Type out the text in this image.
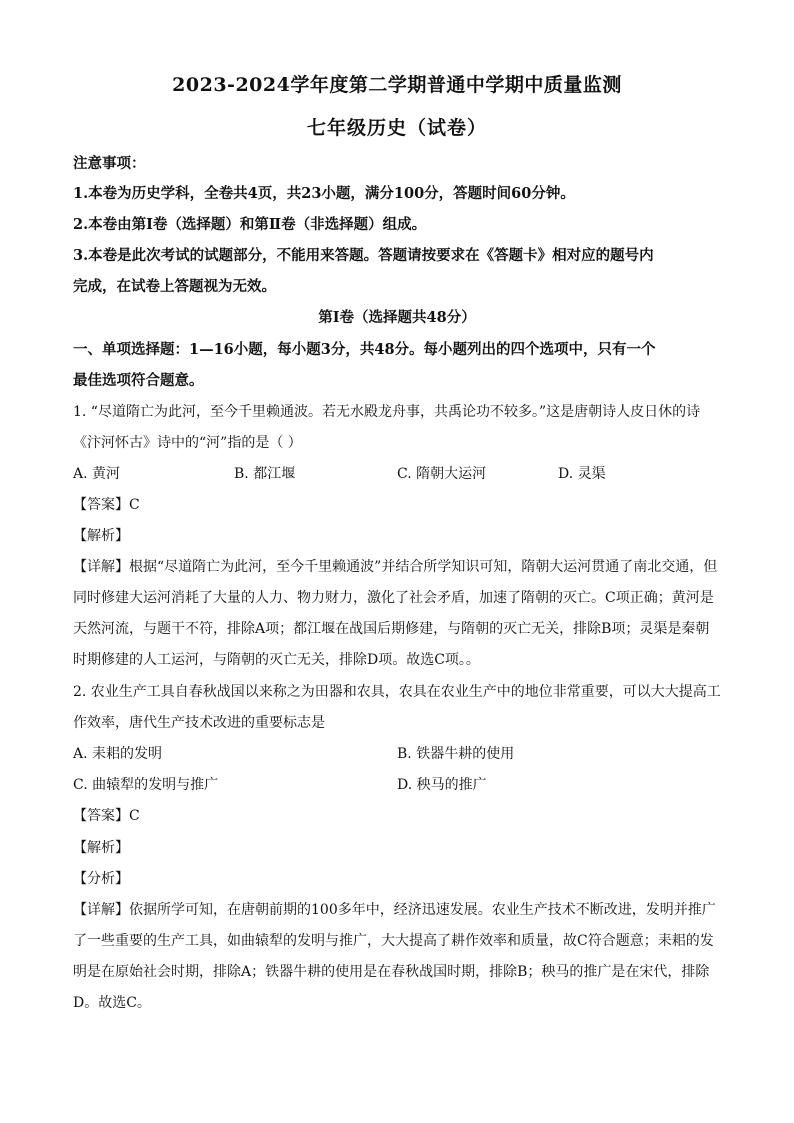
2023-2024学年度第二学期普通中学期中质量监测
七年级历史（试卷）
注意事项：
1.本卷为历史学科，全卷共4页，共23小题，满分100分，答题时间60分钟。
2.本卷由第Ⅰ卷（选择题）和第Ⅱ卷（非选择题）组成。
3.本卷是此次考试的试题部分，不能用来答题。答题请按要求在《答题卡》相对应的题号内
完成，在试卷上答题视为无效。
第Ⅰ卷（选择题共48分）
一、单项选择题：1—16小题，每小题3分，共48分。每小题列出的四个选项中，只有一个
最佳选项符合题意。
1. “尽道隋亡为此河，至今千里赖通波。若无水殿龙舟事，共禹论功不较多。”这是唐朝诗人皮日休的诗
《汴河怀古》诗中的“河”指的是（ ）
A. 黄河	B. 都江堰	C. 隋朝大运河	D. 灵渠
【答案】C
【解析】
【详解】根据“尽道隋亡为此河，至今千里赖通波”并结合所学知识可知，隋朝大运河贯通了南北交通，但
同时修建大运河消耗了大量的人力、物力财力，激化了社会矛盾，加速了隋朝的灭亡。C项正确；黄河是
天然河流，与题干不符，排除A项；都江堰在战国后期修建，与隋朝的灭亡无关，排除B项；灵渠是秦朝
时期修建的人工运河，与隋朝的灭亡无关，排除D项。故选C项。。
2. 农业生产工具自春秋战国以来称之为田器和农具，农具在农业生产中的地位非常重要，可以大大提高工
作效率，唐代生产技术改进的重要标志是
A. 耒耜的发明	B. 铁器牛耕的使用
C. 曲辕犁的发明与推广	D. 秧马的推广
【答案】C
【解析】
【分析】
【详解】依据所学可知，在唐朝前期的100多年中，经济迅速发展。农业生产技术不断改进，发明并推广
了一些重要的生产工具，如曲辕犁的发明与推广，大大提高了耕作效率和质量，故C符合题意；耒耜的发
明是在原始社会时期，排除A；铁器牛耕的使用是在春秋战国时期，排除B；秧马的推广是在宋代，排除
D。故选C。
